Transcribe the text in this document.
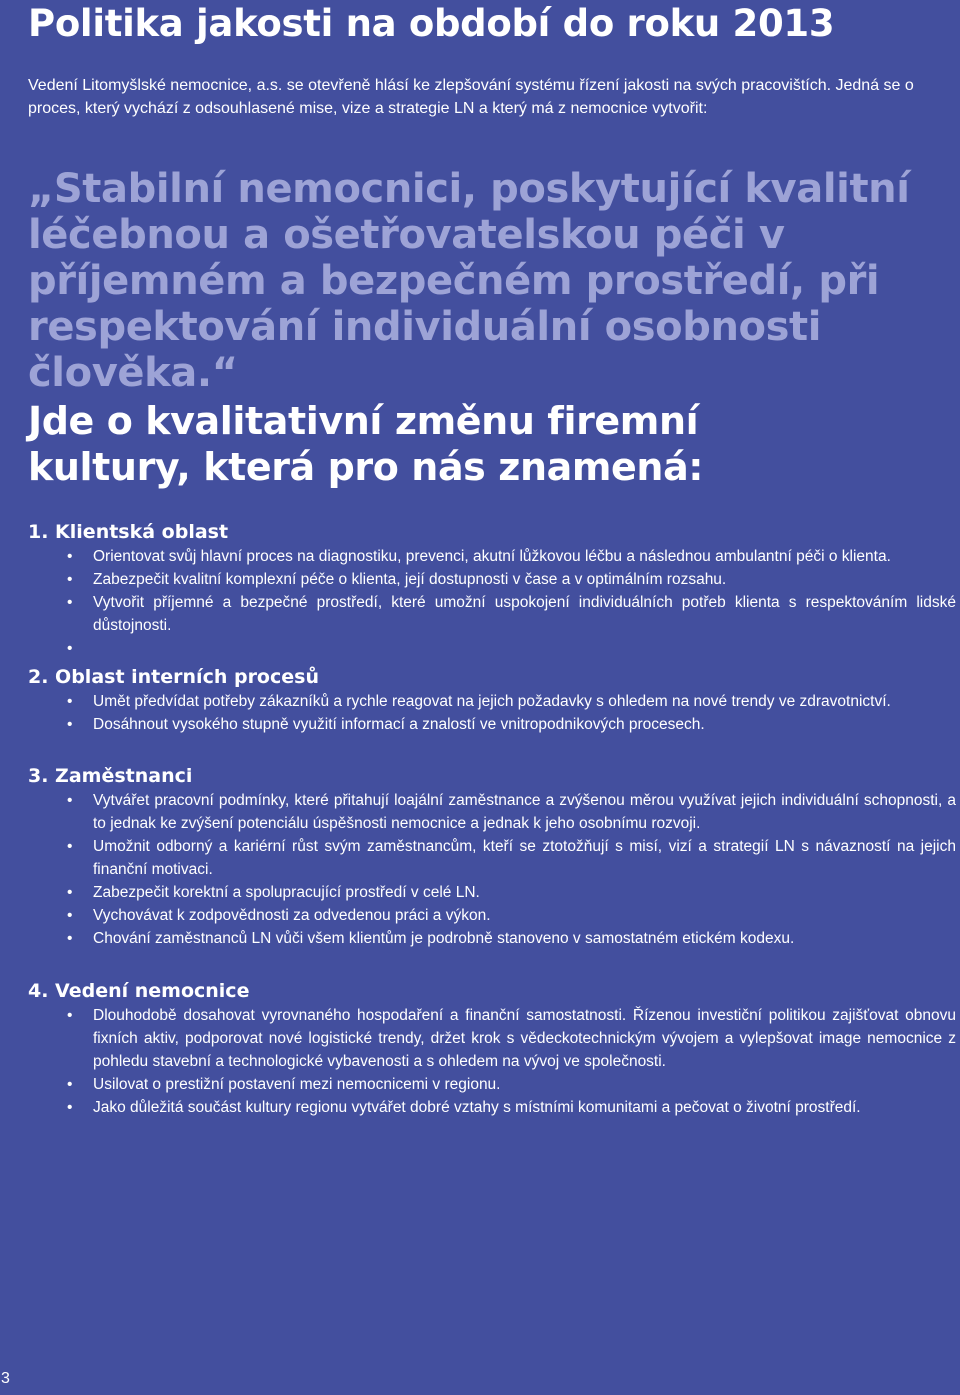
Politika jakosti na období do roku 2013

Vedení Litomyšlské nemocnice, a.s. se otevřeně hlásí ke zlepšování systému řízení jakosti na svých pracovištích. Jedná se o proces, který vychází z odsouhlasené mise, vize a strategie LN a který má z nemocnice vytvořit:

„Stabilní nemocnici, poskytující kvalitní léčebnou a ošetřovatelskou péči v příjemném a bezpečném prostředí, při respektování individuální osobnosti člověka.“

Jde o kvalitativní změnu firemní kultury, která pro nás znamená:
1. Klientská oblast
• Orientovat svůj hlavní proces na diagnostiku, prevenci, akutní lůžkovou léčbu a následnou ambulantní péči o klienta.
• Zabezpečit kvalitní komplexní péče o klienta, její dostupnosti v čase a v optimálním rozsahu.
• Vytvořit příjemné a bezpečné prostředí, které umožní uspokojení individuálních potřeb klienta s respektováním lidské důstojnosti.
•
2. Oblast interních procesů
• Umět předvídat potřeby zákazníků a rychle reagovat na jejich požadavky s ohledem na nové trendy ve zdravotnictví.
• Dosáhnout vysokého stupně využití informací a znalostí ve vnitropodnikových procesech.
3. Zaměstnanci
• Vytvářet pracovní podmínky, které přitahují loajální zaměstnance a zvýšenou měrou využívat jejich individuální schopnosti, a to jednak ke zvýšení potenciálu úspěšnosti nemocnice a jednak k jeho osobnímu rozvoji.
• Umožnit odborný a kariérní růst svým zaměstnancům, kteří se ztotožňují s misí, vizí a strategií LN s návazností na jejich finanční motivaci.
• Zabezpečit korektní a spolupracující prostředí v celé LN.
• Vychovávat k zodpovědnosti za odvedenou práci a výkon.
• Chování zaměstnanců LN vůči všem klientům je podrobně stanoveno v samostatném etickém kodexu.
4. Vedení nemocnice
• Dlouhodobě dosahovat vyrovnaného hospodaření a finanční samostatnosti. Řízenou investiční politikou zajišťovat obnovu fixních aktiv, podporovat nové logistické trendy, držet krok s vědeckotechnickým vývojem a vylepšovat image nemocnice z pohledu stavební a technologické vybavenosti a s ohledem na vývoj ve společnosti.
• Usilovat o prestižní postavení mezi nemocnicemi v regionu.
• Jako důležitá součást kultury regionu vytvářet dobré vztahy s místními komunitami a pečovat o životní prostředí.
3
